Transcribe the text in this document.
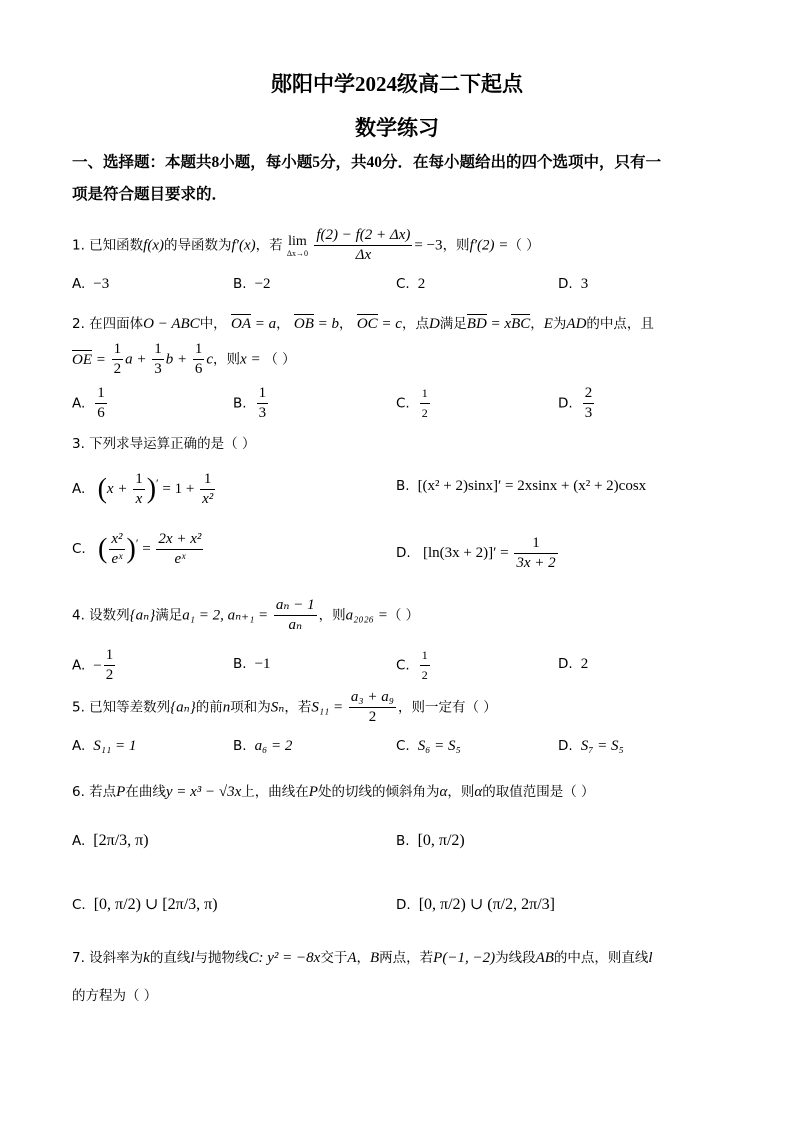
郧阳中学2024级高二下起点
数学练习
一、选择题：本题共8小题，每小题5分，共40分．在每小题给出的四个选项中，只有一
项是符合题目要求的．
1. 已知函数f(x)的导函数为f′(x)，若 lim
Δx→0
$\frac{f(2) - f(2 + \Delta x)}{\Delta x} = -3$，则f′(2) =（ ）
A. −3	B. −2	C. 2	D. 3
2. 在四面体O − ABC中， OA = a， OB = b， OC = c，点D满足BD = xBC，E为AD的中点，且
OE = $\frac{1}{2}$ $a + \frac{1}{3}$ $b + \frac{1}{6}$ c，则x = （ ）
A. $\frac{1}{6}$	B. $\frac{1}{3}$	C. $\frac{1}{2}$	D. $\frac{2}{3}$
3. 下列求导运算正确的是（ ）
A. $(x + \frac{1}{x} )' = 1 + \frac{1}{\text{x²}}$	B. [(x² + 2)sinx]′ = 2xsinx + (x² + 2)cosx
C. ( $\frac{\text{x²}}{\text{eˣ}} )' = \frac{\text{2x + x²}}{\text{eˣ}}$	D. $[\ln(3x + 2)]' = \frac{1}{3x + 2}$
4. 设数列{aₙ}满足a₁ = 2, $a_{n+1} = \frac{\text{aₙ − 1}}{\text{aₙ}}$ ，则a₂₀₂₆ =（ ）
A. − $\frac{1}{2}$	B. −1	C. $\frac{1}{2}$	D. 2
5. 已知等差数列{aₙ}的前n项和为Sₙ，若$S_{11} = \frac{\text{a₃ + a₉}}{2}$ ，则一定有（ ）
A. S₁₁ = 1	B. a₆ = 2	C. S₆ = S₅	D. S₇ = S₅
6. 若点P在曲线y = x³ − √3x上，曲线在P处的切线的倾斜角为α，则α的取值范围是（ ）
A. [2π/3, π)	B. [0, π/2)
C. [0, π/2) ∪ [2π/3, π)	D. [0, π/2) ∪ (π/2, 2π/3]
7. 设斜率为k的直线l与抛物线C: y² = −8x交于A，B两点，若P(−1, −2)为线段AB的中点，则直线l
的方程为（ ）
